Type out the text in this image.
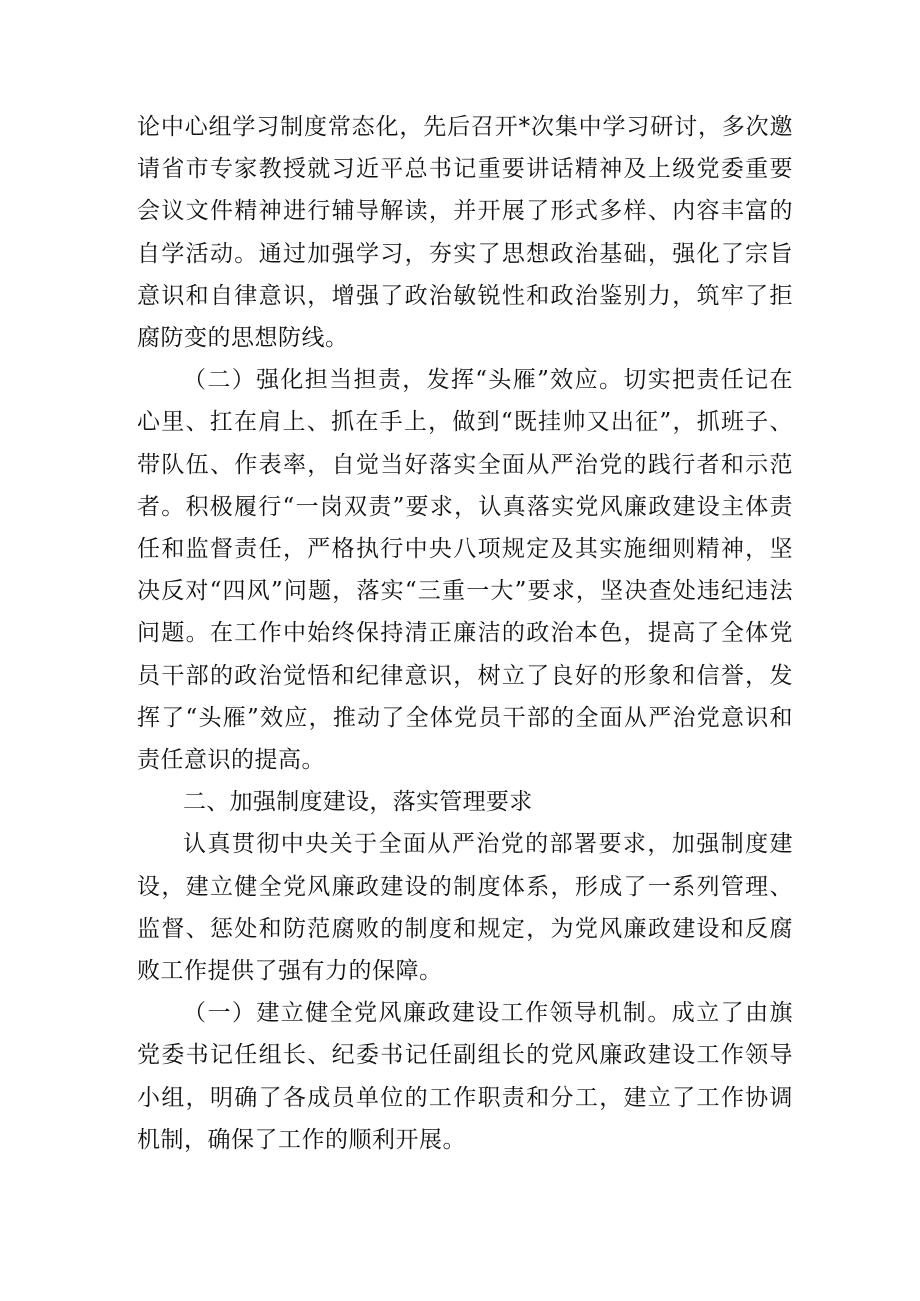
论中心组学习制度常态化，先后召开*次集中学习研讨，多次邀请省市专家教授就习近平总书记重要讲话精神及上级党委重要会议文件精神进行辅导解读，并开展了形式多样、内容丰富的自学活动。通过加强学习，夯实了思想政治基础，强化了宗旨意识和自律意识，增强了政治敏锐性和政治鉴别力，筑牢了拒腐防变的思想防线。

（二）强化担当担责，发挥“头雁”效应。切实把责任记在心里、扛在肩上、抓在手上，做到“既挂帅又出征”，抓班子、带队伍、作表率，自觉当好落实全面从严治党的践行者和示范者。积极履行“一岗双责”要求，认真落实党风廉政建设主体责任和监督责任，严格执行中央八项规定及其实施细则精神，坚决反对“四风”问题，落实“三重一大”要求，坚决查处违纪违法问题。在工作中始终保持清正廉洁的政治本色，提高了全体党员干部的政治觉悟和纪律意识，树立了良好的形象和信誉，发挥了“头雁”效应，推动了全体党员干部的全面从严治党意识和责任意识的提高。

二、加强制度建设，落实管理要求

认真贯彻中央关于全面从严治党的部署要求，加强制度建设，建立健全党风廉政建设的制度体系，形成了一系列管理、监督、惩处和防范腐败的制度和规定，为党风廉政建设和反腐败工作提供了强有力的保障。

（一）建立健全党风廉政建设工作领导机制。成立了由旗党委书记任组长、纪委书记任副组长的党风廉政建设工作领导小组，明确了各成员单位的工作职责和分工，建立了工作协调机制，确保了工作的顺利开展。
